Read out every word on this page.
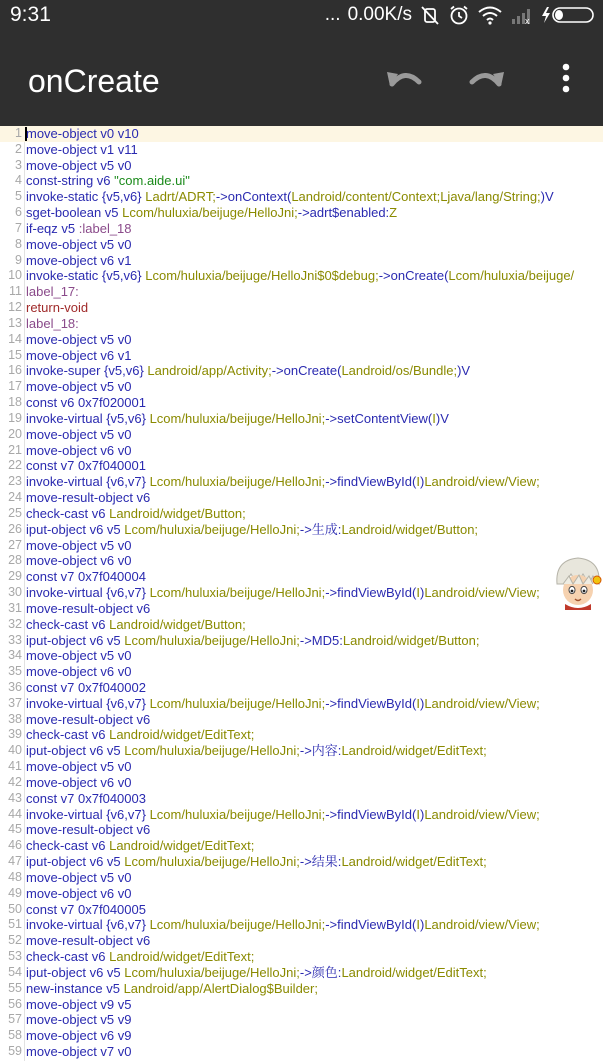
9:31	... 0.00K/s	x
onCreate
1 move-object v0 v10
2 move-object v1 v11
3 move-object v5 v0
4 const-string v6 "com.aide.ui"
5 invoke-static {v5,v6} Ladrt/ADRT;->onContext(Landroid/content/Context;Ljava/lang/String;)V
6 sget-boolean v5 Lcom/huluxia/beijuge/HelloJni;->adrt$enabled:Z
7 if-eqz v5 :label_18
8 move-object v5 v0
9 move-object v6 v1
10 invoke-static {v5,v6} Lcom/huluxia/beijuge/HelloJni$0$debug;->onCreate(Lcom/huluxia/beijuge/
11 label_17:
12 return-void
13 label_18:
14 move-object v5 v0
15 move-object v6 v1
16 invoke-super {v5,v6} Landroid/app/Activity;->onCreate(Landroid/os/Bundle;)V
17 move-object v5 v0
18 const v6 0x7f020001
19 invoke-virtual {v5,v6} Lcom/huluxia/beijuge/HelloJni;->setContentView(I)V
20 move-object v5 v0
21 move-object v6 v0
22 const v7 0x7f040001
23 invoke-virtual {v6,v7} Lcom/huluxia/beijuge/HelloJni;->findViewById(I)Landroid/view/View;
24 move-result-object v6
25 check-cast v6 Landroid/widget/Button;
26 iput-object v6 v5 Lcom/huluxia/beijuge/HelloJni;->生成:Landroid/widget/Button;
27 move-object v5 v0
28 move-object v6 v0
29 const v7 0x7f040004
30 invoke-virtual {v6,v7} Lcom/huluxia/beijuge/HelloJni;->findViewById(I)Landroid/view/View;
31 move-result-object v6
32 check-cast v6 Landroid/widget/Button;
33 iput-object v6 v5 Lcom/huluxia/beijuge/HelloJni;->MD5:Landroid/widget/Button;
34 move-object v5 v0
35 move-object v6 v0
36 const v7 0x7f040002
37 invoke-virtual {v6,v7} Lcom/huluxia/beijuge/HelloJni;->findViewById(I)Landroid/view/View;
38 move-result-object v6
39 check-cast v6 Landroid/widget/EditText;
40 iput-object v6 v5 Lcom/huluxia/beijuge/HelloJni;->内容:Landroid/widget/EditText;
41 move-object v5 v0
42 move-object v6 v0
43 const v7 0x7f040003
44 invoke-virtual {v6,v7} Lcom/huluxia/beijuge/HelloJni;->findViewById(I)Landroid/view/View;
45 move-result-object v6
46 check-cast v6 Landroid/widget/EditText;
47 iput-object v6 v5 Lcom/huluxia/beijuge/HelloJni;->结果:Landroid/widget/EditText;
48 move-object v5 v0
49 move-object v6 v0
50 const v7 0x7f040005
51 invoke-virtual {v6,v7} Lcom/huluxia/beijuge/HelloJni;->findViewById(I)Landroid/view/View;
52 move-result-object v6
53 check-cast v6 Landroid/widget/EditText;
54 iput-object v6 v5 Lcom/huluxia/beijuge/HelloJni;->颜色:Landroid/widget/EditText;
55 new-instance v5 Landroid/app/AlertDialog$Builder;
56 move-object v9 v5
57 move-object v5 v9
58 move-object v6 v9
59 move-object v7 v0
